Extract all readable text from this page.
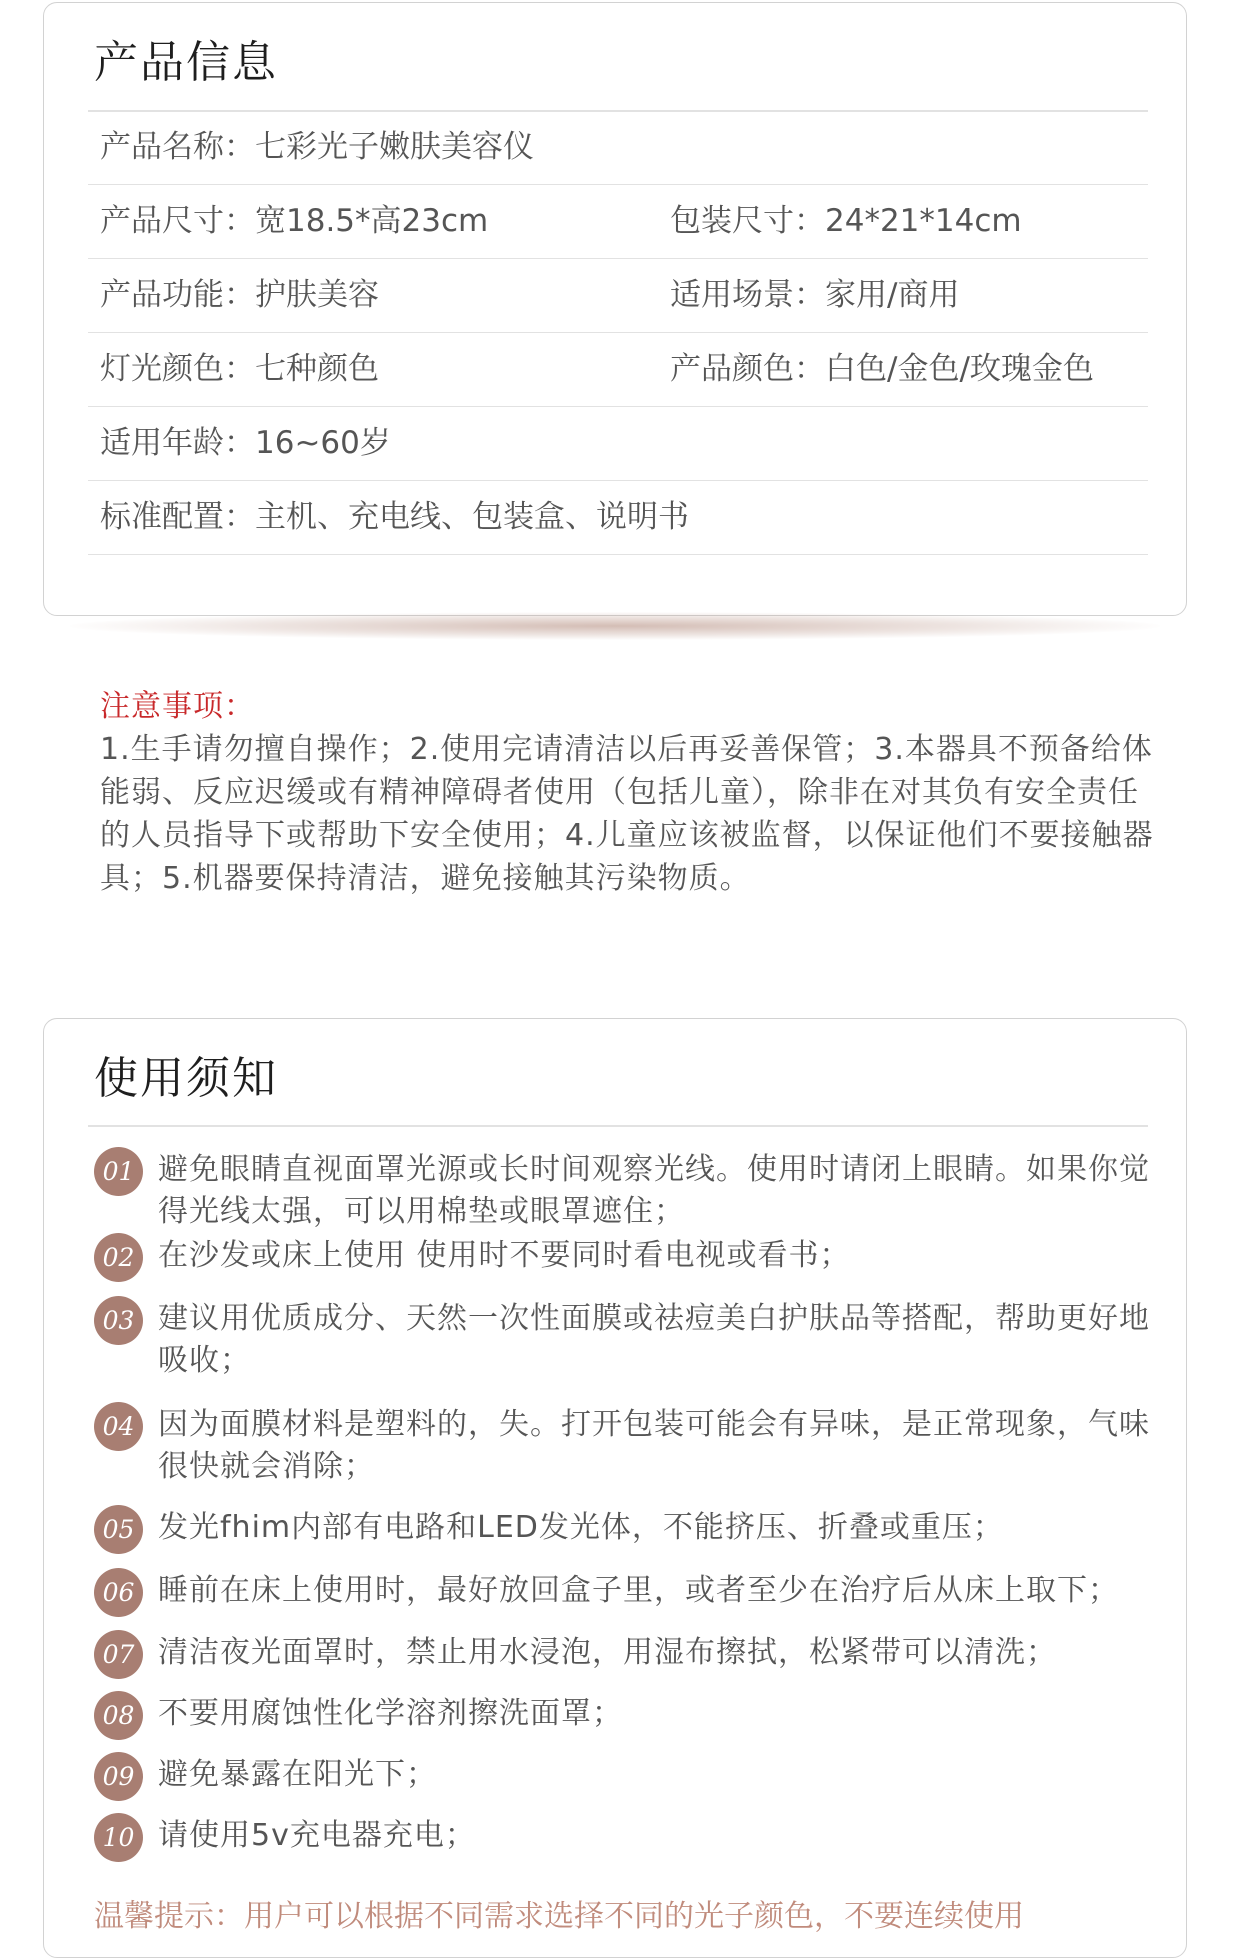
产品信息
产品名称：七彩光子嫩肤美容仪
产品尺寸：宽18.5*高23cm	包装尺寸：24*21*14cm
产品功能：护肤美容	适用场景：家用/商用
灯光颜色：七种颜色	产品颜色：白色/金色/玫瑰金色
适用年龄：16~60岁
标准配置：主机、充电线、包装盒、说明书
注意事项：

1.生手请勿擅自操作；2.使用完请清洁以后再妥善保管；3.本器具不预备给体能弱、反应迟缓或有精神障碍者使用（包括儿童），除非在对其负有安全责任的人员指导下或帮助下安全使用；4.儿童应该被监督，以保证他们不要接触器具；5.机器要保持清洁，避免接触其污染物质。

使用须知
01 避免眼睛直视面罩光源或长时间观察光线。使用时请闭上眼睛。如果你觉得光线太强，可以用棉垫或眼罩遮住；
02 在沙发或床上使用 使用时不要同时看电视或看书；
03 建议用优质成分、天然一次性面膜或祛痘美白护肤品等搭配，帮助更好地吸收；
04 因为面膜材料是塑料的，失。打开包装可能会有异味，是正常现象，气味很快就会消除；
05 发光fhim内部有电路和LED发光体，不能挤压、折叠或重压；
06 睡前在床上使用时，最好放回盒子里，或者至少在治疗后从床上取下；
07 清洁夜光面罩时，禁止用水浸泡，用湿布擦拭，松紧带可以清洗；
08 不要用腐蚀性化学溶剂擦洗面罩；
09 避免暴露在阳光下；
10 请使用5v充电器充电；
温馨提示：用户可以根据不同需求选择不同的光子颜色，不要连续使用
